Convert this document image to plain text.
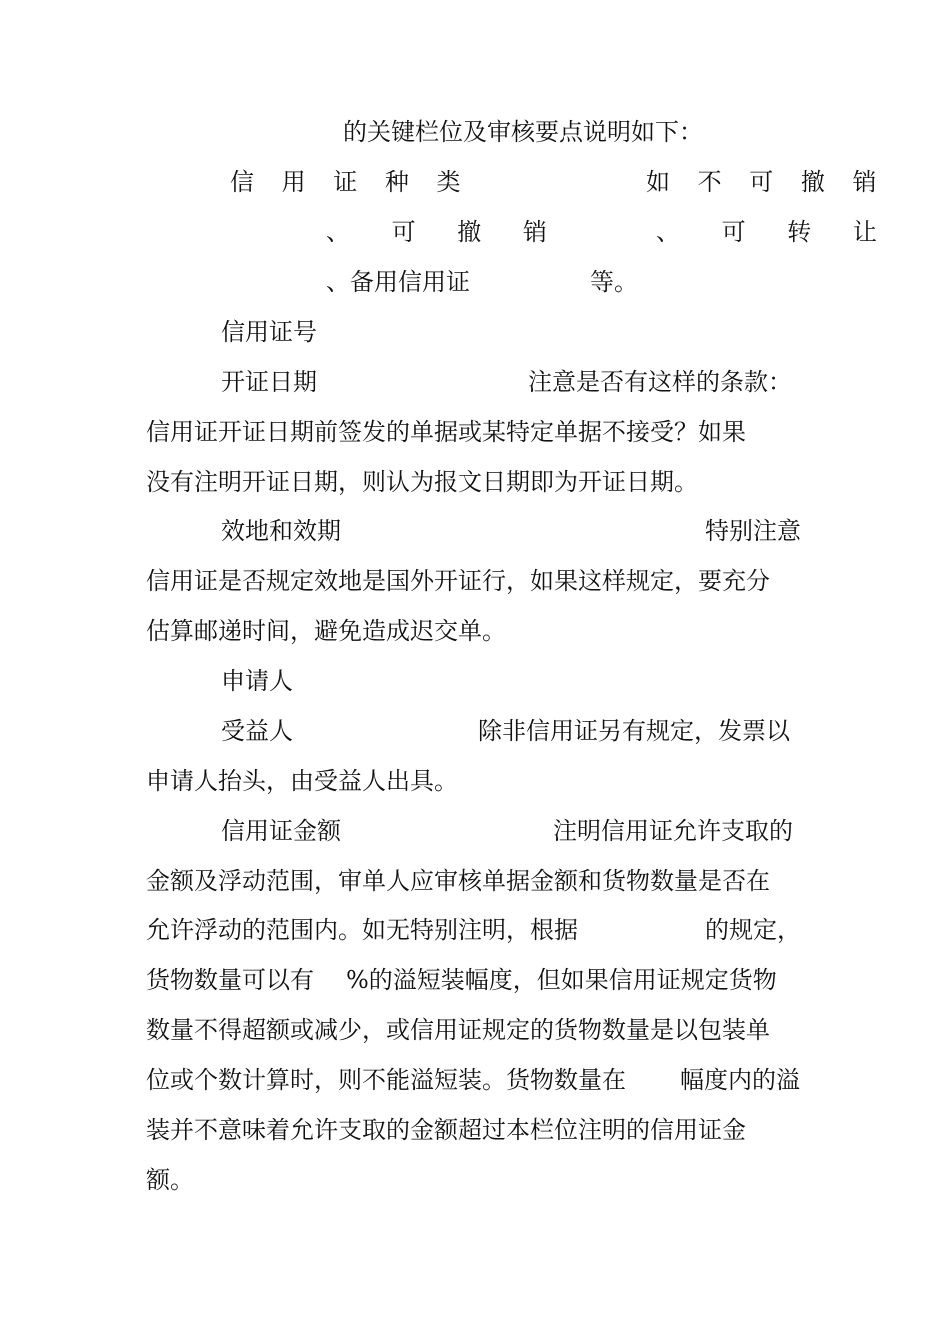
的关键栏位及审核要点说明如下：
信 用 证 种 类	如 不 可 撤 销
、 可 撤 销	、 可 转 让
、备用信用证	等。
信用证号
开证日期	注意是否有这样的条款：
信用证开证日期前签发的单据或某特定单据不接受？如果
没有注明开证日期，则认为报文日期即为开证日期。
效地和效期	特别注意
信用证是否规定效地是国外开证行，如果这样规定，要充分
估算邮递时间，避免造成迟交单。
申请人
受益人	除非信用证另有规定，发票以
申请人抬头，由受益人出具。
信用证金额	注明信用证允许支取的
金额及浮动范围，审单人应审核单据金额和货物数量是否在
允许浮动的范围内。如无特别注明，根据	的规定，
货物数量可以有 %的溢短装幅度，但如果信用证规定货物
数量不得超额或减少，或信用证规定的货物数量是以包装单
位或个数计算时，则不能溢短装。货物数量在 幅度内的溢
装并不意味着允许支取的金额超过本栏位注明的信用证金
额。
